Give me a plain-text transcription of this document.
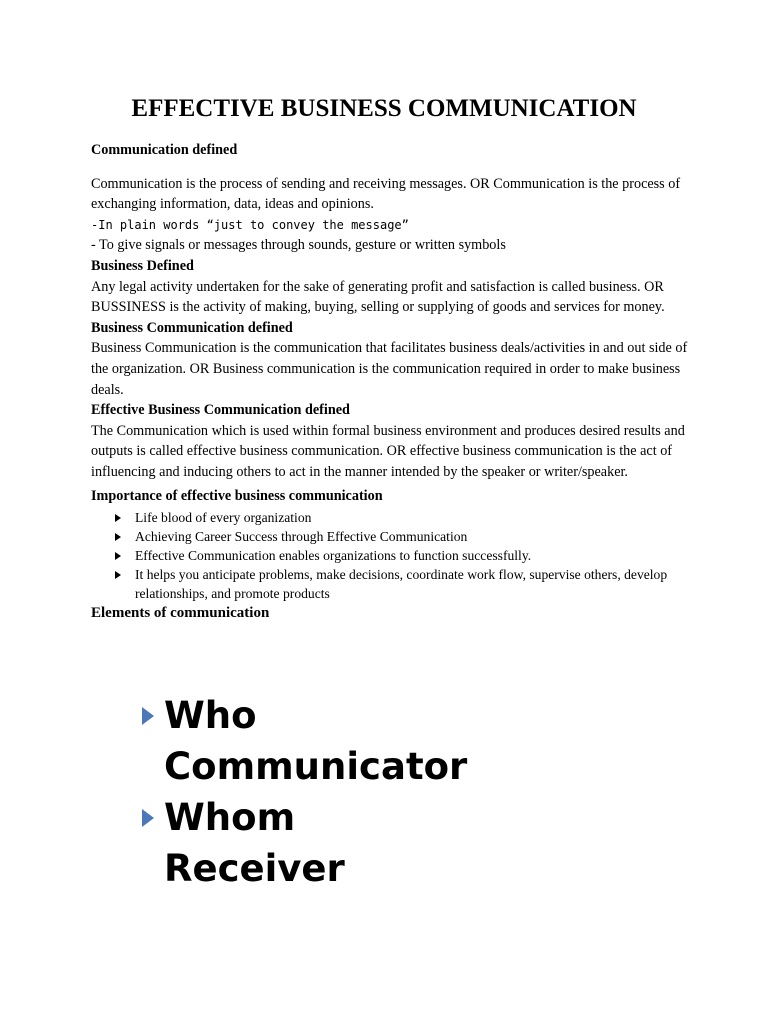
EFFECTIVE BUSINESS COMMUNICATION

Communication defined

Communication is the process of sending and receiving messages. OR Communication is the process of exchanging information, data, ideas and opinions.

-In plain words “just to convey the message”

- To give signals or messages through sounds, gesture or written symbols

Business Defined

Any legal activity undertaken for the sake of generating profit and satisfaction is called business. OR BUSSINESS is the activity of making, buying, selling or supplying of goods and services for money.

Business Communication defined

Business Communication is the communication that facilitates business deals/activities in and out side of the organization. OR Business communication is the communication required in order to make business deals.

Effective Business Communication defined

The Communication which is used within formal business environment and produces desired results and outputs is called effective business communication. OR effective business communication is the act of influencing and inducing others to act in the manner intended by the speaker or writer/speaker.

Importance of effective business communication

Life blood of every organization
Achieving Career Success through Effective Communication
Effective Communication enables organizations to function successfully.
It helps you anticipate problems, make decisions, coordinate work flow, supervise others, develop relationships, and promote products

Elements of communication

Who
Communicator
Whom
Receiver
